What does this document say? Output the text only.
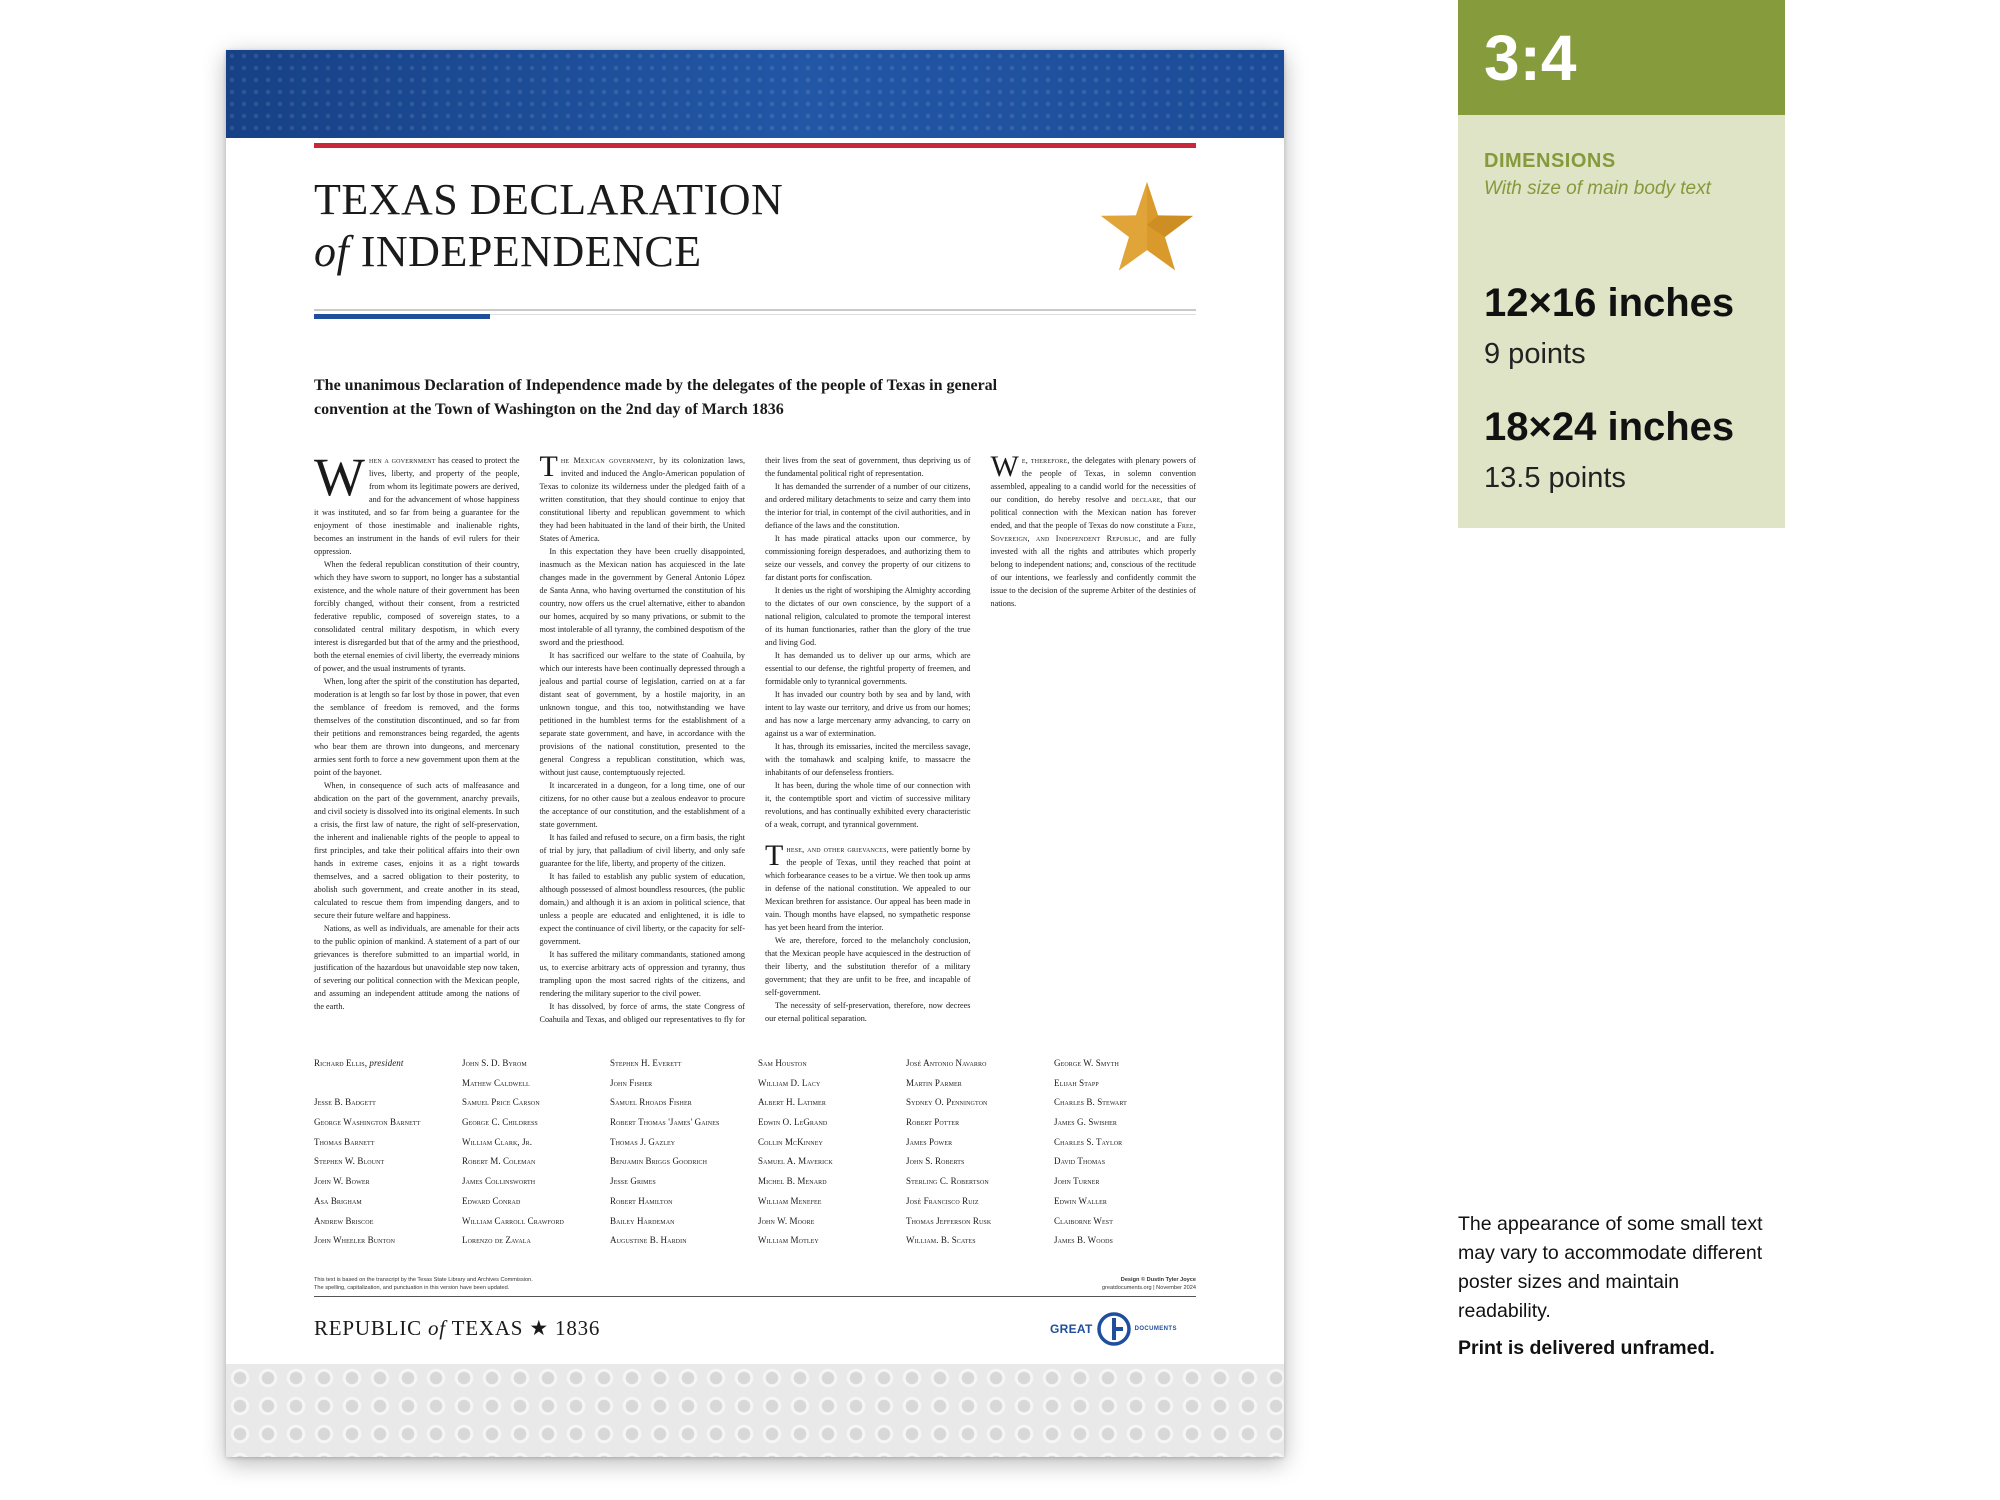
TEXAS DECLARATION
of INDEPENDENCE
The unanimous Declaration of Independence made by the delegates of the people of Texas in general convention at the Town of Washington on the 2nd day of March 1836

When a government has ceased to protect the lives, liberty, and property of the people, from whom its legitimate powers are derived, and for the advancement of whose happiness it was instituted, and so far from being a guarantee for the enjoyment of those inestimable and inalienable rights, becomes an instrument in the hands of evil rulers for their oppression.

When the federal republican constitution of their country, which they have sworn to support, no longer has a substantial existence, and the whole nature of their government has been forcibly changed, without their consent, from a restricted federative republic, composed of sovereign states, to a consolidated central military despotism, in which every interest is disregarded but that of the army and the priesthood, both the eternal enemies of civil liberty, the everready minions of power, and the usual instruments of tyrants.

When, long after the spirit of the constitution has departed, moderation is at length so far lost by those in power, that even the semblance of freedom is removed, and the forms themselves of the constitution discontinued, and so far from their petitions and remonstrances being regarded, the agents who bear them are thrown into dungeons, and mercenary armies sent forth to force a new government upon them at the point of the bayonet.

When, in consequence of such acts of malfeasance and abdication on the part of the government, anarchy prevails, and civil society is dissolved into its original elements. In such a crisis, the first law of nature, the right of self-preservation, the inherent and inalienable rights of the people to appeal to first principles, and take their political affairs into their own hands in extreme cases, enjoins it as a right towards themselves, and a sacred obligation to their posterity, to abolish such government, and create another in its stead, calculated to rescue them from impending dangers, and to secure their future welfare and happiness.

Nations, as well as individuals, are amenable for their acts to the public opinion of mankind. A statement of a part of our grievances is therefore submitted to an impartial world, in justification of the hazardous but unavoidable step now taken, of severing our political connection with the Mexican people, and assuming an independent attitude among the nations of the earth.

The Mexican government, by its colonization laws, invited and induced the Anglo-American population of Texas to colonize its wilderness under the pledged faith of a written constitution, that they should continue to enjoy that constitutional liberty and republican government to which they had been habituated in the land of their birth, the United States of America.

In this expectation they have been cruelly disappointed, inasmuch as the Mexican nation has acquiesced in the late changes made in the government by General Antonio López de Santa Anna, who having overturned the constitution of his country, now offers us the cruel alternative, either to abandon our homes, acquired by so many privations, or submit to the most intolerable of all tyranny, the combined despotism of the sword and the priesthood.

It has sacrificed our welfare to the state of Coahuila, by which our interests have been continually depressed through a jealous and partial course of legislation, carried on at a far distant seat of government, by a hostile majority, in an unknown tongue, and this too, notwithstanding we have petitioned in the humblest terms for the establishment of a separate state government, and have, in accordance with the provisions of the national constitution, presented to the general Congress a republican constitution, which was, without just cause, contemptuously rejected.

It incarcerated in a dungeon, for a long time, one of our citizens, for no other cause but a zealous endeavor to procure the acceptance of our constitution, and the establishment of a state government.

It has failed and refused to secure, on a firm basis, the right of trial by jury, that palladium of civil liberty, and only safe guarantee for the life, liberty, and property of the citizen.

It has failed to establish any public system of education, although possessed of almost boundless resources, (the public domain,) and although it is an axiom in political science, that unless a people are educated and enlightened, it is idle to expect the continuance of civil liberty, or the capacity for self-government.

It has suffered the military commandants, stationed among us, to exercise arbitrary acts of oppression and tyranny, thus trampling upon the most sacred rights of the citizens, and rendering the military superior to the civil power.

It has dissolved, by force of arms, the state Congress of Coahuila and Texas, and obliged our representatives to fly for their lives from the seat of government, thus depriving us of the fundamental political right of representation.

It has demanded the surrender of a number of our citizens, and ordered military detachments to seize and carry them into the interior for trial, in contempt of the civil authorities, and in defiance of the laws and the constitution.

It has made piratical attacks upon our commerce, by commissioning foreign desperadoes, and authorizing them to seize our vessels, and convey the property of our citizens to far distant ports for confiscation.

It denies us the right of worshiping the Almighty according to the dictates of our own conscience, by the support of a national religion, calculated to promote the temporal interest of its human functionaries, rather than the glory of the true and living God.

It has demanded us to deliver up our arms, which are essential to our defense, the rightful property of freemen, and formidable only to tyrannical governments.

It has invaded our country both by sea and by land, with intent to lay waste our territory, and drive us from our homes; and has now a large mercenary army advancing, to carry on against us a war of extermination.

It has, through its emissaries, incited the merciless savage, with the tomahawk and scalping knife, to massacre the inhabitants of our defenseless frontiers.

It has been, during the whole time of our connection with it, the contemptible sport and victim of successive military revolutions, and has continually exhibited every characteristic of a weak, corrupt, and tyrannical government.

These, and other grievances, were patiently borne by the people of Texas, until they reached that point at which forbearance ceases to be a virtue. We then took up arms in defense of the national constitution. We appealed to our Mexican brethren for assistance. Our appeal has been made in vain. Though months have elapsed, no sympathetic response has yet been heard from the interior.

We are, therefore, forced to the melancholy conclusion, that the Mexican people have acquiesced in the destruction of their liberty, and the substitution therefor of a military government; that they are unfit to be free, and incapable of self-government.

The necessity of self-preservation, therefore, now decrees our eternal political separation.

We, therefore, the delegates with plenary powers of the people of Texas, in solemn convention assembled, appealing to a candid world for the necessities of our condition, do hereby resolve and declare, that our political connection with the Mexican nation has forever ended, and that the people of Texas do now constitute a Free, Sovereign, and Independent Republic, and are fully invested with all the rights and attributes which properly belong to independent nations; and, conscious of the rectitude of our intentions, we fearlessly and confidently commit the issue to the decision of the supreme Arbiter of the destinies of nations.

Richard Ellis, president
Jesse B. Badgett
George Washington Barnett
Thomas Barnett
Stephen W. Blount
John W. Bower
Asa Brigham
Andrew Briscoe
John Wheeler Bunton
John S. D. Byrom
Mathew Caldwell
Samuel Price Carson
George C. Childress
William Clark, Jr.
Robert M. Coleman
James Collinsworth
Edward Conrad
William Carroll Crawford
Lorenzo de Zavala
Stephen H. Everett
John Fisher
Samuel Rhoads Fisher
Robert Thomas 'James' Gaines
Thomas J. Gazley
Benjamin Briggs Goodrich
Jesse Grimes
Robert Hamilton
Bailey Hardeman
Augustine B. Hardin
Sam Houston
William D. Lacy
Albert H. Latimer
Edwin O. LeGrand
Collin McKinney
Samuel A. Maverick
Michel B. Menard
William Menefee
John W. Moore
William Motley
José Antonio Navarro
Martin Parmer
Sydney O. Pennington
Robert Potter
James Power
John S. Roberts
Sterling C. Robertson
José Francisco Ruiz
Thomas Jefferson Rusk
William. B. Scates
George W. Smyth
Elijah Stapp
Charles B. Stewart
James G. Swisher
Charles S. Taylor
David Thomas
John Turner
Edwin Waller
Claiborne West
James B. Woods
This text is based on the transcript by the Texas State Library and Archives Commission.
The spelling, capitalization, and punctuation in this version have been updated.
Design © Dustin Tyler Joyce
greatdocuments.org | November 2024
REPUBLIC of TEXAS ★ 1836	GREAT	DOCUMENTS
3:4
DIMENSIONS
With size of main body text
12×16 inches
9 points
18×24 inches
13.5 points
The appearance of some small text may vary to accommodate different poster sizes and maintain readability.
Print is delivered unframed.
